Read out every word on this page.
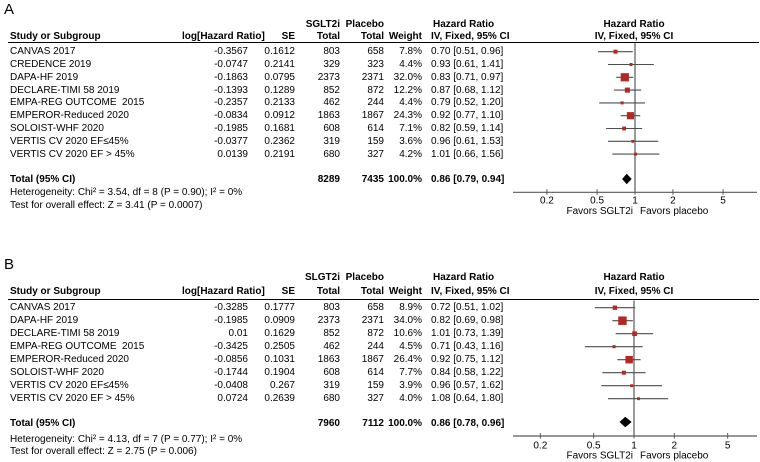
A
SGLT2i Placebo	Hazard Ratio	Hazard Ratio
Study or Subgroup	log[Hazard Ratio]	SE	Total	Total Weight IV, Fixed, 95% CI	IV, Fixed, 95% CI
CANVAS 2017	-0.3567	0.1612	803	658	7.8% 0.70 [0.51, 0.96]
CREDENCE 2019	-0.0747	0.2141	329	323	4.4% 0.93 [0.61, 1.41]
DAPA-HF 2019	-0.1863	0.0795	2373	2371 32.0% 0.83 [0.71, 0.97]
DECLARE-TIMI 58 2019	-0.1393	0.1289	852	872 12.2% 0.87 [0.68, 1.12]
EMPA-REG OUTCOME  2015	-0.2357	0.2133	462	244	4.4% 0.79 [0.52, 1.20]
EMPEROR-Reduced 2020	-0.0834	0.0912	1863	1867 24.3% 0.92 [0.77, 1.10]
SOLOIST-WHF 2020	-0.1985	0.1681	608	614	7.1% 0.82 [0.59, 1.14]
VERTIS CV 2020 EF≤45%	-0.0377	0.2362	319	159	3.6% 0.96 [0.61, 1.53]
VERTIS CV 2020 EF > 45%	0.0139	0.2191	680	327	4.2% 1.01 [0.66, 1.56]
Total (95% CI)	8289	7435 100.0% 0.86 [0.79, 0.94]
Heterogeneity: Chi² = 3.54, df = 8 (P = 0.90); I² = 0%
Test for overall effect: Z = 3.41 (P = 0.0007)	0.2	0.5	1	2	5
Favors SGLT2i Favors placebo
B
SLGT2i Placebo	Hazard Ratio	Hazard Ratio
Study or Subgroup	log[Hazard Ratio]	SE	Total	Total Weight IV, Fixed, 95% CI	IV, Fixed, 95% CI
CANVAS 2017	-0.3285	0.1777	803	658	8.9% 0.72 [0.51, 1.02]
DAPA-HF 2019	-0.1985	0.0909	2373	2371 34.0% 0.82 [0.69, 0.98]
DECLARE-TIMI 58 2019	0.01	0.1629	852	872 10.6% 1.01 [0.73, 1.39]
EMPA-REG OUTCOME  2015	-0.3425	0.2505	462	244	4.5% 0.71 [0.43, 1.16]
EMPEROR-Reduced 2020	-0.0856	0.1031	1863	1867 26.4% 0.92 [0.75, 1.12]
SOLOIST-WHF 2020	-0.1744	0.1904	608	614	7.7% 0.84 [0.58, 1.22]
VERTIS CV 2020 EF≤45%	-0.0408	0.267	319	159	3.9% 0.96 [0.57, 1.62]
VERTIS CV 2020 EF > 45%	0.0724	0.2639	680	327	4.0% 1.08 [0.64, 1.80]
Total (95% CI)	7960	7112 100.0% 0.86 [0.78, 0.96]
Heterogeneity: Chi² = 4.13, df = 7 (P = 0.77); I² = 0%
Test for overall effect: Z = 2.75 (P = 0.006)
0.2	0.5	1	2	5
Favors SGLT2i Favors placebo
